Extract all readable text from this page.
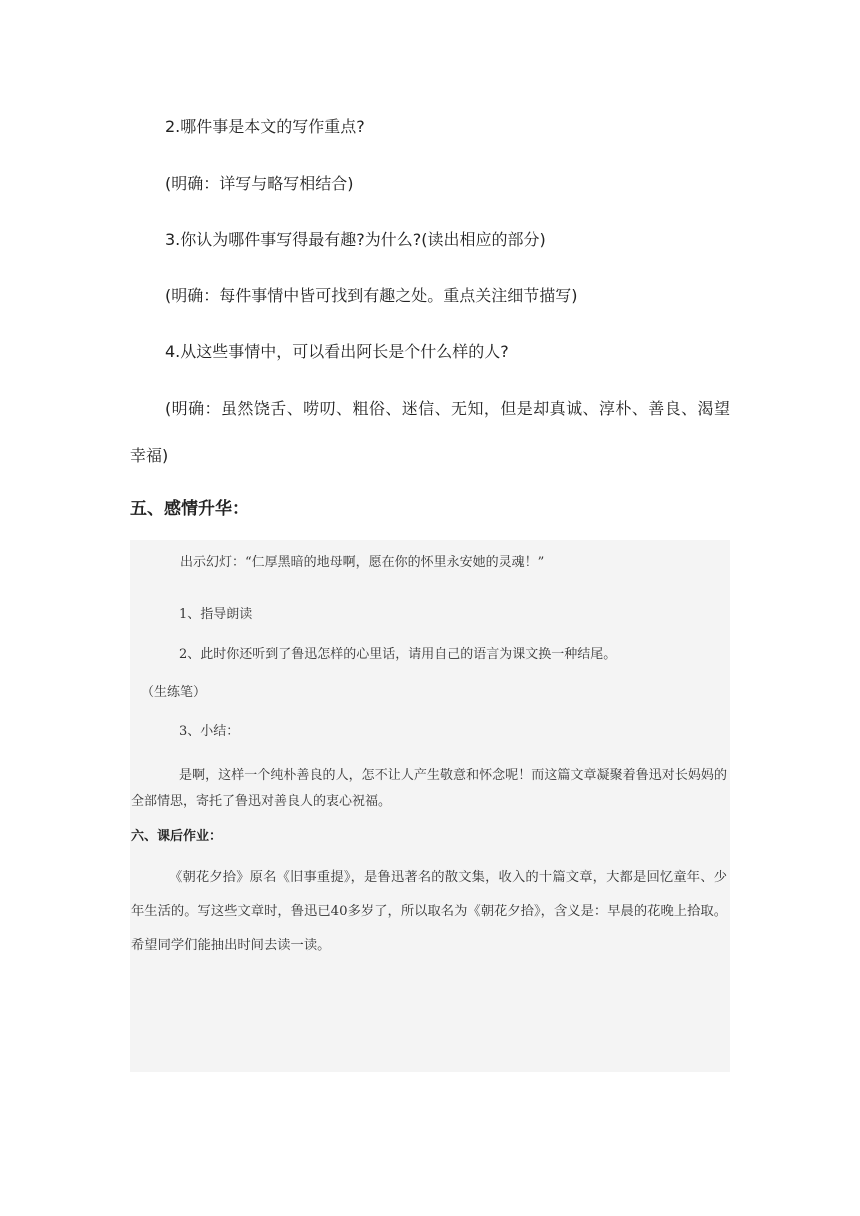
2.哪件事是本文的写作重点?
(明确：详写与略写相结合)
3.你认为哪件事写得最有趣?为什么?(读出相应的部分)
(明确：每件事情中皆可找到有趣之处。重点关注细节描写)
4.从这些事情中，可以看出阿长是个什么样的人?
(明确：虽然饶舌、唠叨、粗俗、迷信、无知，但是却真诚、淳朴、善良、渴望幸福)
五、感情升华：
出示幻灯：“仁厚黑暗的地母啊，愿在你的怀里永安她的灵魂！”
1、指导朗读
2、此时你还听到了鲁迅怎样的心里话，请用自己的语言为课文换一种结尾。
（生练笔）
3、小结：
是啊，这样一个纯朴善良的人，怎不让人产生敬意和怀念呢！而这篇文章凝聚着鲁迅对长妈妈的全部情思，寄托了鲁迅对善良人的衷心祝福。
六、课后作业：
《朝花夕拾》原名《旧事重提》，是鲁迅著名的散文集，收入的十篇文章，大都是回忆童年、少年生活的。写这些文章时，鲁迅已40多岁了，所以取名为《朝花夕拾》，含义是：早晨的花晚上拾取。希望同学们能抽出时间去读一读。
